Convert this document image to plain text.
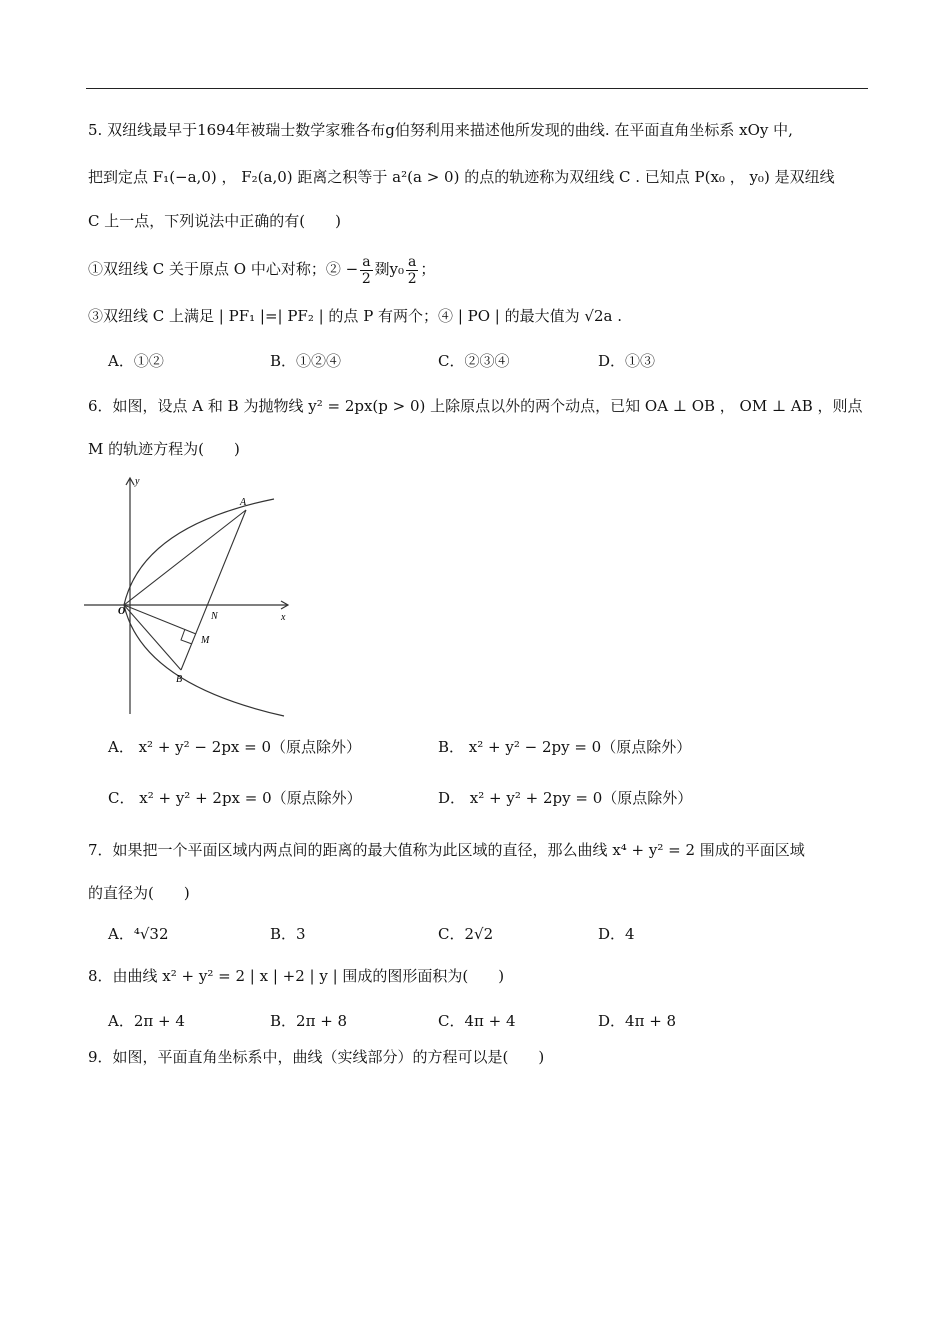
5. 双纽线最早于1694年被瑞士数学家雅各布g伯努利用来描述他所发现的曲线. 在平面直角坐标系 xOy 中,
把到定点 F₁(−a,0) ， F₂(a,0) 距离之积等于 a²(a > 0) 的点的轨迹称为双纽线 C . 已知点 P(x₀ ， y₀) 是双纽线
C 上一点，下列说法中正确的有(　　)
①双纽线 C 关于原点 O 中心对称；② − $\frac{a}{2}$ 剟$y_0 \frac{a}{2}$ ；
③双纽线 C 上满足 | PF₁ |=| PF₂ | 的点 P 有两个；④ | PO | 的最大值为 √2a .
A．①②	B．①②④	C．②③④	D．①③
6．如图，设点 A 和 B 为抛物线 y² = 2px(p > 0) 上除原点以外的两个动点，已知 OA ⊥ OB ， OM ⊥ AB ，则点
M 的轨迹方程为(　　)
y
x
O
A
B
N
M
A． x² + y² − 2px = 0（原点除外）	B． x² + y² − 2py = 0（原点除外）
C． x² + y² + 2px = 0（原点除外）	D． x² + y² + 2py = 0（原点除外）
7．如果把一个平面区域内两点间的距离的最大值称为此区域的直径，那么曲线 x⁴ + y² = 2 围成的平面区域
的直径为(　　)
A．⁴√32	B．3	C．2√2	D．4
8．由曲线 x² + y² = 2 | x | +2 | y | 围成的图形面积为(　　)
A．2π + 4	B．2π + 8	C．4π + 4	D．4π + 8
9．如图，平面直角坐标系中，曲线（实线部分）的方程可以是(　　)
